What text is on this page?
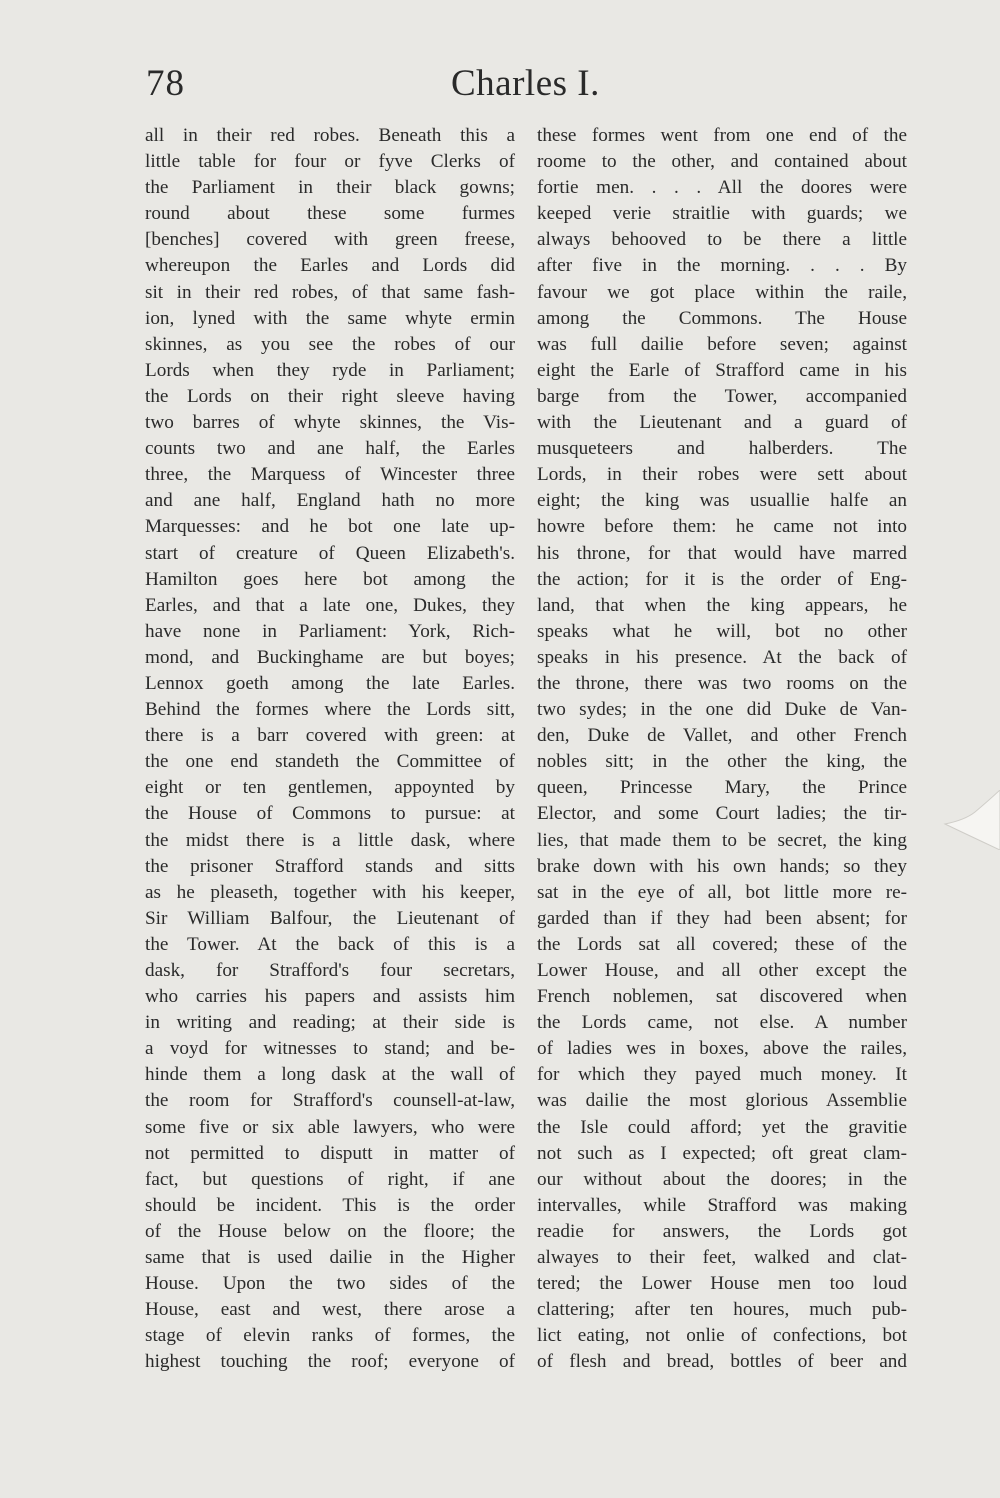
78	Charles I.
all in their red robes. Beneath this a
little table for four or fyve Clerks of
the Parliament in their black gowns;
round about these some furmes
[benches] covered with green freese,
whereupon the Earles and Lords did
sit in their red robes, of that same fash-
ion, lyned with the same whyte ermin
skinnes, as you see the robes of our
Lords when they ryde in Parliament;
the Lords on their right sleeve having
two barres of whyte skinnes, the Vis-
counts two and ane half, the Earles
three, the Marquess of Wincester three
and ane half, England hath no more
Marquesses: and he bot one late up-
start of creature of Queen Elizabeth's.
Hamilton goes here bot among the
Earles, and that a late one, Dukes, they
have none in Parliament: York, Rich-
mond, and Buckinghame are but boyes;
Lennox goeth among the late Earles.
Behind the formes where the Lords sitt,
there is a barr covered with green: at
the one end standeth the Committee of
eight or ten gentlemen, appoynted by
the House of Commons to pursue: at
the midst there is a little dask, where
the prisoner Strafford stands and sitts
as he pleaseth, together with his keeper,
Sir William Balfour, the Lieutenant of
the Tower. At the back of this is a
dask, for Strafford's four secretars,
who carries his papers and assists him
in writing and reading; at their side is
a voyd for witnesses to stand; and be-
hinde them a long dask at the wall of
the room for Strafford's counsell-at-law,
some five or six able lawyers, who were
not permitted to disputt in matter of
fact, but questions of right, if ane
should be incident. This is the order
of the House below on the floore; the
same that is used dailie in the Higher
House. Upon the two sides of the
House, east and west, there arose a
stage of elevin ranks of formes, the
highest touching the roof; everyone of
these formes went from one end of the
roome to the other, and contained about
fortie men. . . . All the doores were
keeped verie straitlie with guards; we
always behooved to be there a little
after five in the morning. . . . By
favour we got place within the raile,
among the Commons. The House
was full dailie before seven; against
eight the Earle of Strafford came in his
barge from the Tower, accompanied
with the Lieutenant and a guard of
musqueteers and halberders. The
Lords, in their robes were sett about
eight; the king was usuallie halfe an
howre before them: he came not into
his throne, for that would have marred
the action; for it is the order of Eng-
land, that when the king appears, he
speaks what he will, bot no other
speaks in his presence. At the back of
the throne, there was two rooms on the
two sydes; in the one did Duke de Van-
den, Duke de Vallet, and other French
nobles sitt; in the other the king, the
queen, Princesse Mary, the Prince
Elector, and some Court ladies; the tir-
lies, that made them to be secret, the king
brake down with his own hands; so they
sat in the eye of all, bot little more re-
garded than if they had been absent; for
the Lords sat all covered; these of the
Lower House, and all other except the
French noblemen, sat discovered when
the Lords came, not else. A number
of ladies wes in boxes, above the railes,
for which they payed much money. It
was dailie the most glorious Assemblie
the Isle could afford; yet the gravitie
not such as I expected; oft great clam-
our without about the doores; in the
intervalles, while Strafford was making
readie for answers, the Lords got
alwayes to their feet, walked and clat-
tered; the Lower House men too loud
clattering; after ten houres, much pub-
lict eating, not onlie of confections, bot
of flesh and bread, bottles of beer and
